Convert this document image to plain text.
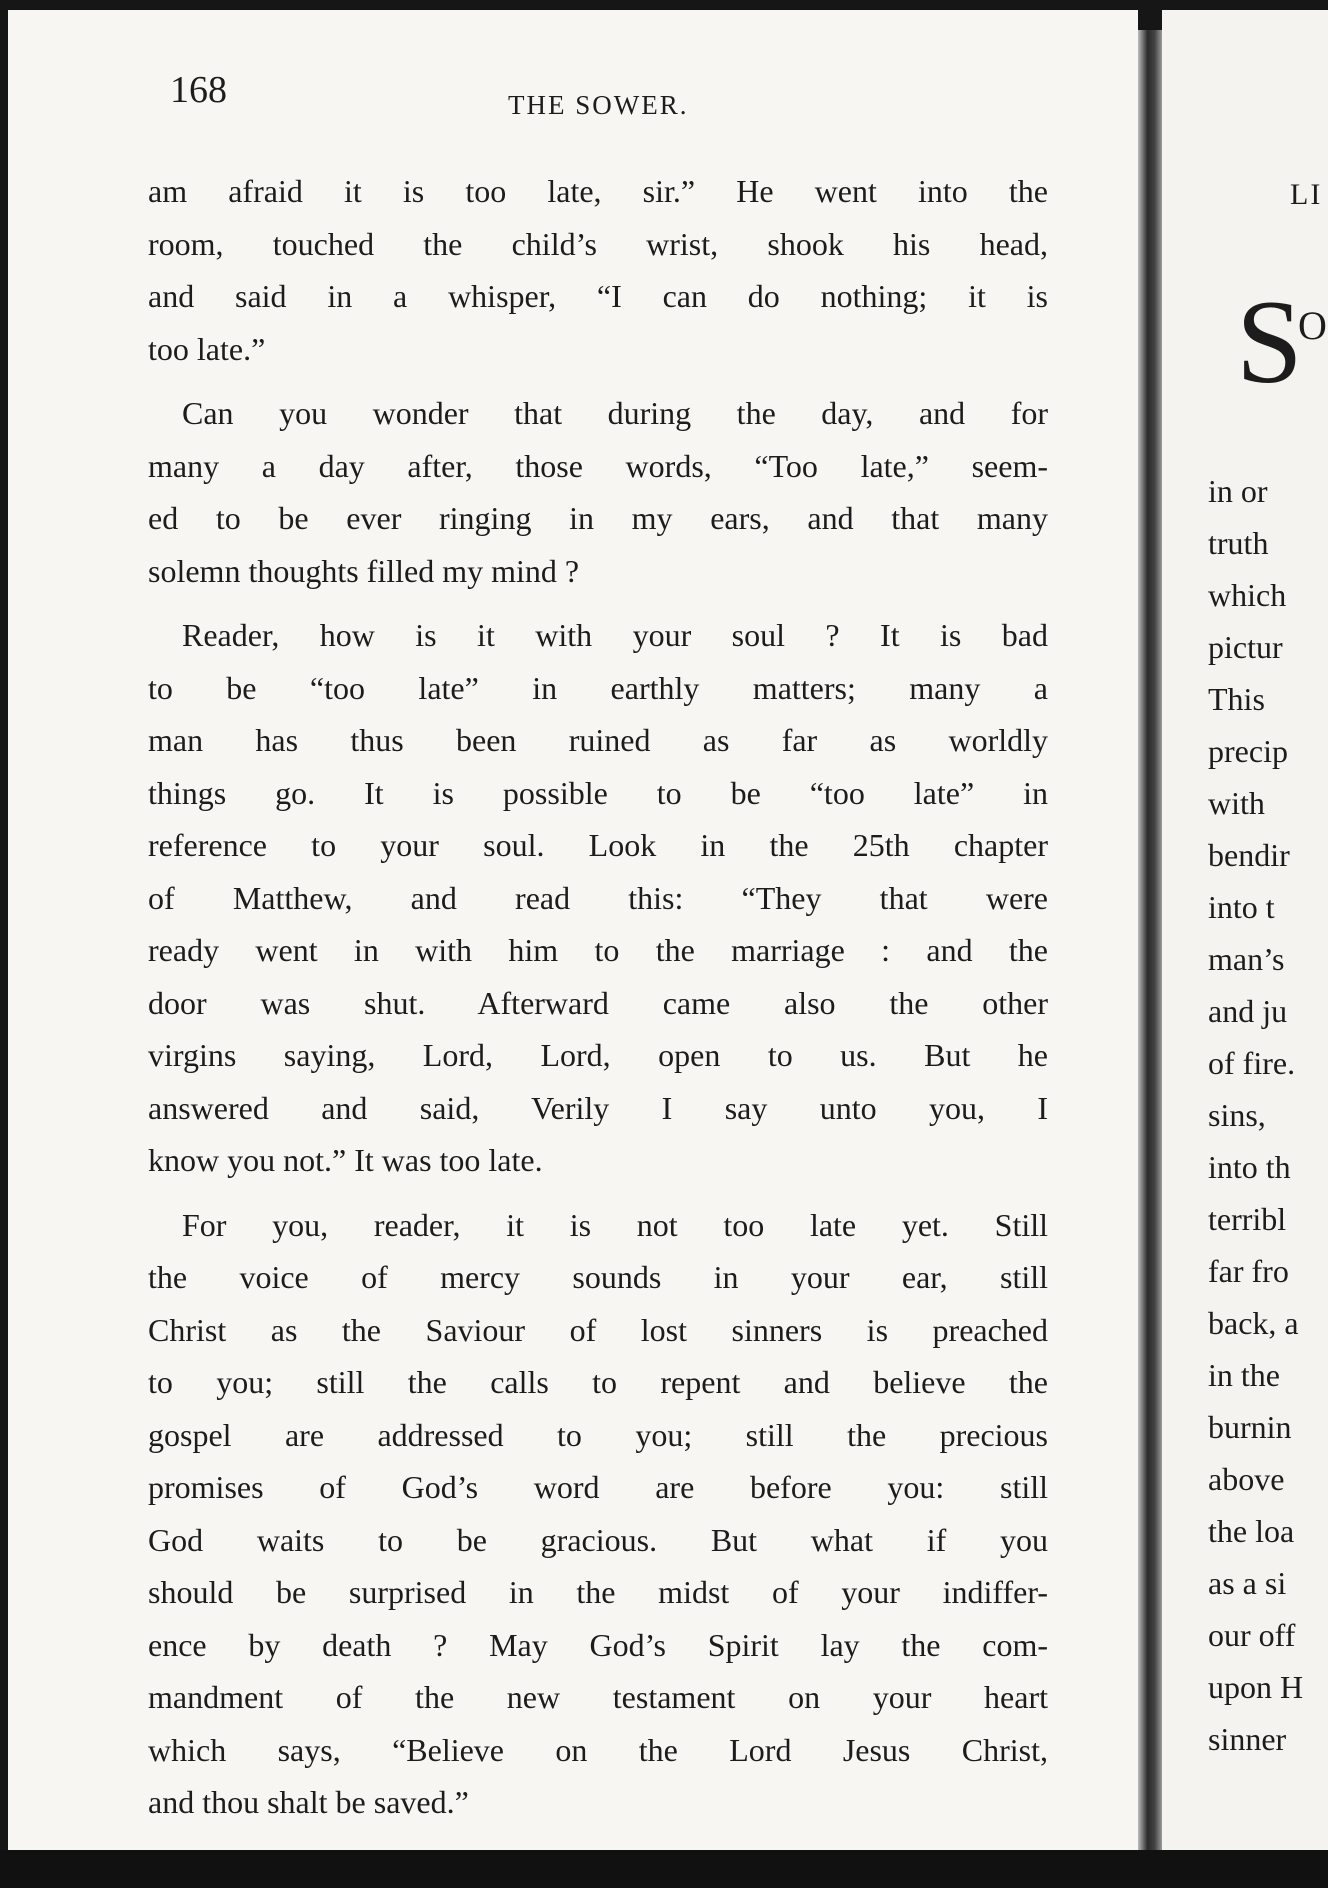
LI
S
O
in or
truth
which
pictur
This
precip
with
bendir
into t
man’s
and ju
of fire.
sins,
into th
terribl
far fro
back, a
in the
burnin
above
the loa
as a si
our off
upon H
sinner
168	THE SOWER.
am afraid it is too late, sir.” He went into the
room, touched the child’s wrist, shook his head,
and said in a whisper, “I can do nothing; it is
too late.”
Can you wonder that during the day, and for
many a day after, those words, “Too late,” seem-
ed to be ever ringing in my ears, and that many
solemn thoughts filled my mind ?
Reader, how is it with your soul ? It is bad
to be “too late” in earthly matters; many a
man has thus been ruined as far as worldly
things go. It is possible to be “too late” in
reference to your soul. Look in the 25th chapter
of Matthew, and read this: “They that were
ready went in with him to the marriage : and the
door was shut. Afterward came also the other
virgins saying, Lord, Lord, open to us. But he
answered and said, Verily I say unto you, I
know you not.” It was too late.
For you, reader, it is not too late yet. Still
the voice of mercy sounds in your ear, still
Christ as the Saviour of lost sinners is preached
to you; still the calls to repent and believe the
gospel are addressed to you; still the precious
promises of God’s word are before you: still
God waits to be gracious. But what if you
should be surprised in the midst of your indiffer-
ence by death ? May God’s Spirit lay the com-
mandment of the new testament on your heart
which says, “Believe on the Lord Jesus Christ,
and thou shalt be saved.”
